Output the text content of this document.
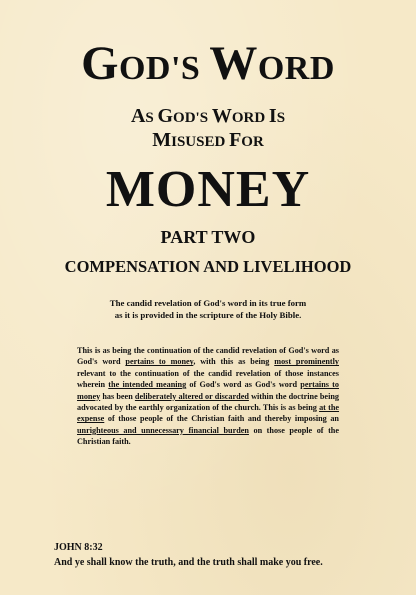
GOD'S WORD
AS GOD'S WORD IS
MISUSED FOR
MONEY
PART TWO
COMPENSATION AND LIVELIHOOD
The candid revelation of God's word in its true form
as it is provided in the scripture of the Holy Bible.
This is as being the continuation of the candid revelation of God's word as God's word pertains to money, with this as being most prominently relevant to the continuation of the candid revelation of those instances wherein the intended meaning of God's word as God's word pertains to money has been deliberately altered or discarded within the doctrine being advocated by the earthly organization of the church. This is as being at the expense of those people of the Christian faith and thereby imposing an unrighteous and unnecessary financial burden on those people of the Christian faith.
JOHN 8:32
And ye shall know the truth, and the truth shall make you free.
